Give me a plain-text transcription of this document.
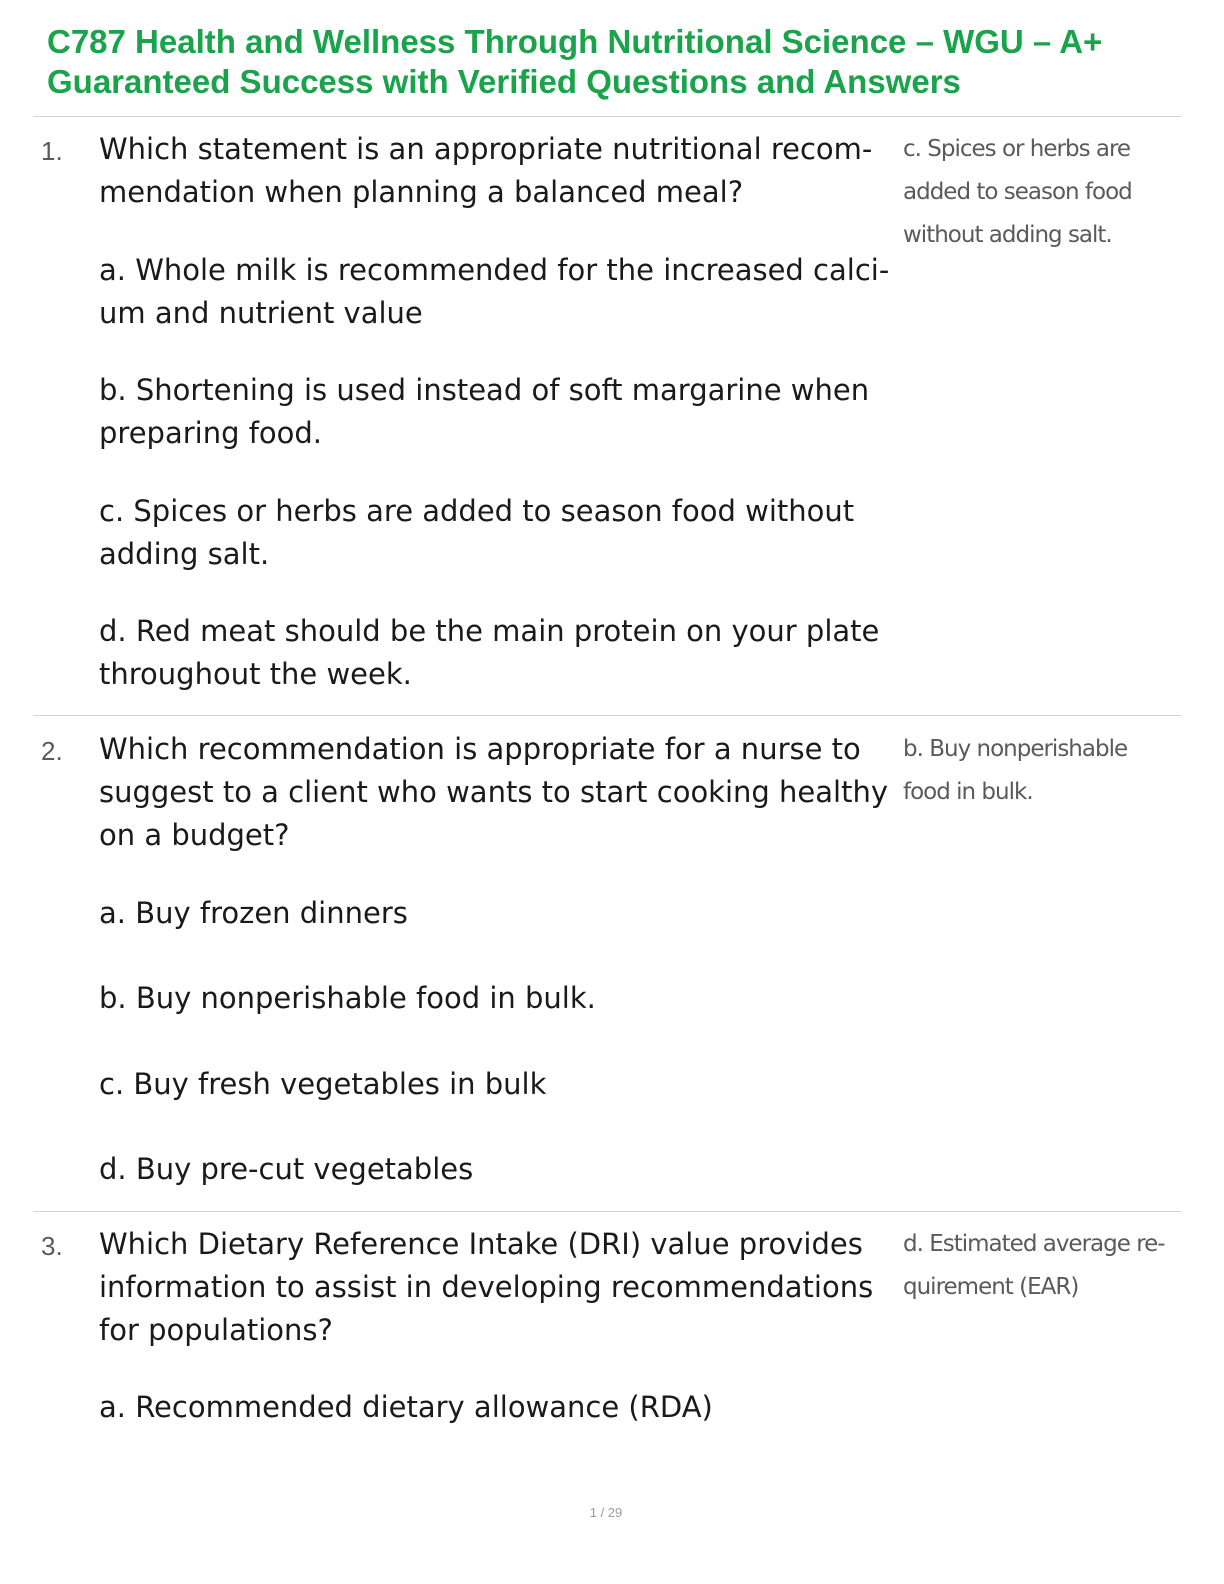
C787 Health and Wellness Through Nutritional Science – WGU – A+ Guaranteed Success with Verified Questions and Answers
1. Which statement is an appropriate nutritional recom- mendation when planning a balanced meal?
a. Whole milk is recommended for the increased calci- um and nutrient value
b. Shortening is used instead of soft margarine when preparing food.
c. Spices or herbs are added to season food without adding salt.
d. Red meat should be the main protein on your plate throughout the week.
c. Spices or herbs are added to season food without adding salt.
2. Which recommendation is appropriate for a nurse to suggest to a client who wants to start cooking healthy on a budget?
a. Buy frozen dinners
b. Buy nonperishable food in bulk.
c. Buy fresh vegetables in bulk
d. Buy pre-cut vegetables
b. Buy nonperishable food in bulk.
3. Which Dietary Reference Intake (DRI) value provides information to assist in developing recommendations for populations?
a. Recommended dietary allowance (RDA)
d. Estimated average re- quirement (EAR)
1 / 29
